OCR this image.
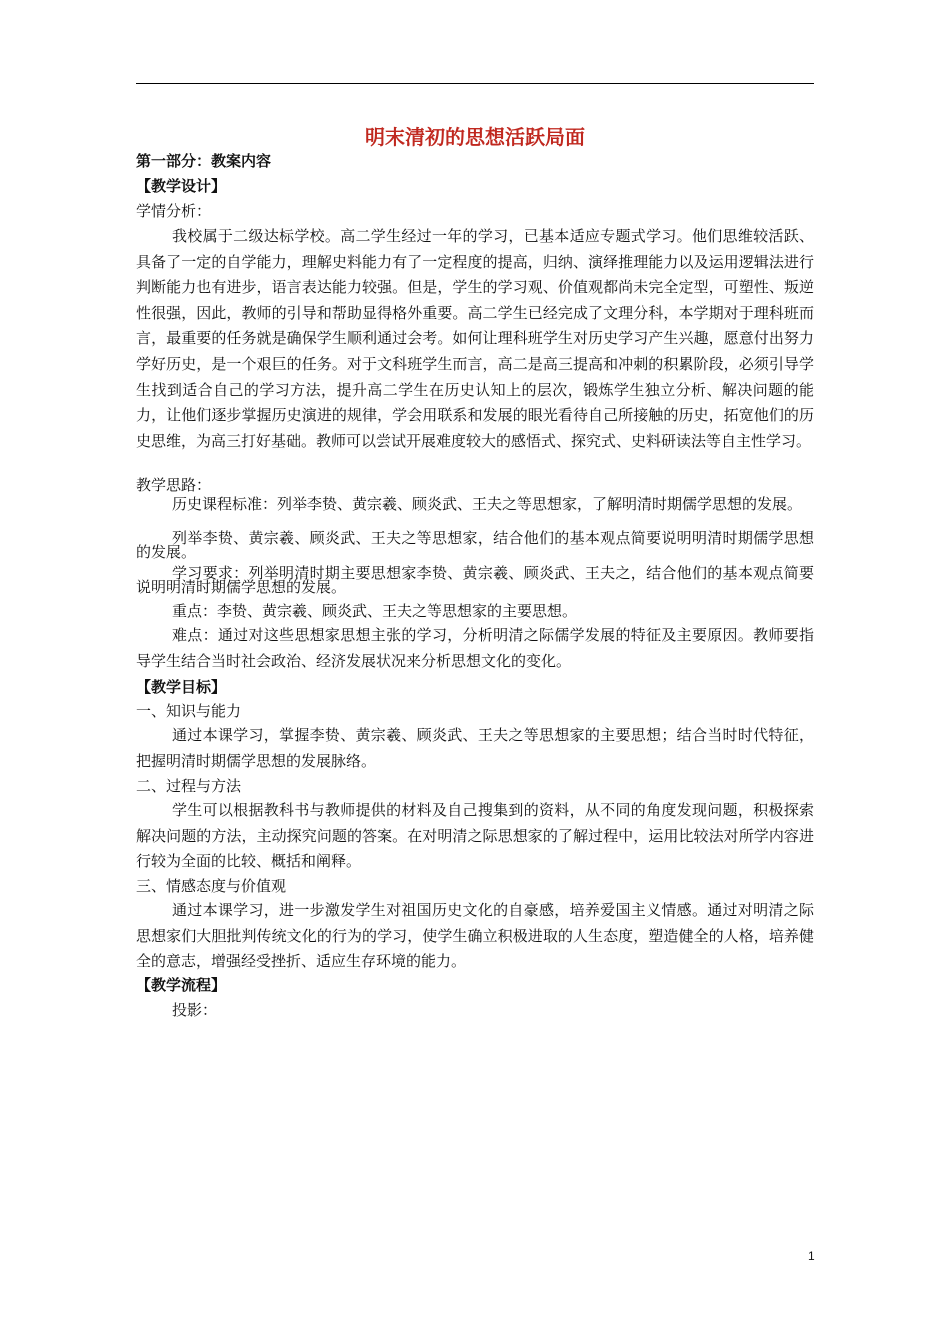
明末清初的思想活跃局面
第一部分：教案内容
【教学设计】
学情分析：
我校属于二级达标学校。高二学生经过一年的学习，已基本适应专题式学习。他们思维较活跃、具备了一定的自学能力，理解史料能力有了一定程度的提高，归纳、演绎推理能力以及运用逻辑法进行判断能力也有进步，语言表达能力较强。但是，学生的学习观、价值观都尚未完全定型，可塑性、叛逆性很强，因此，教师的引导和帮助显得格外重要。高二学生已经完成了文理分科，本学期对于理科班而言，最重要的任务就是确保学生顺利通过会考。如何让理科班学生对历史学习产生兴趣，愿意付出努力学好历史，是一个艰巨的任务。对于文科班学生而言，高二是高三提高和冲刺的积累阶段，必须引导学生找到适合自己的学习方法，提升高二学生在历史认知上的层次，锻炼学生独立分析、解决问题的能力，让他们逐步掌握历史演进的规律，学会用联系和发展的眼光看待自己所接触的历史，拓宽他们的历史思维，为高三打好基础。教师可以尝试开展难度较大的感悟式、探究式、史料研读法等自主性学习。
教学思路：
历史课程标准：列举李贽、黄宗羲、顾炎武、王夫之等思想家，了解明清时期儒学思想的发展。
列举李贽、黄宗羲、顾炎武、王夫之等思想家，结合他们的基本观点简要说明明清时期儒学思想的发展。
学习要求：列举明清时期主要思想家李贽、黄宗羲、顾炎武、王夫之，结合他们的基本观点简要说明明清时期儒学思想的发展。
重点：李贽、黄宗羲、顾炎武、王夫之等思想家的主要思想。
难点：通过对这些思想家思想主张的学习，分析明清之际儒学发展的特征及主要原因。教师要指导学生结合当时社会政治、经济发展状况来分析思想文化的变化。
【教学目标】
一、知识与能力
通过本课学习，掌握李贽、黄宗羲、顾炎武、王夫之等思想家的主要思想；结合当时时代特征，把握明清时期儒学思想的发展脉络。
二、过程与方法
学生可以根据教科书与教师提供的材料及自己搜集到的资料，从不同的角度发现问题，积极探索解决问题的方法，主动探究问题的答案。在对明清之际思想家的了解过程中，运用比较法对所学内容进行较为全面的比较、概括和阐释。
三、情感态度与价值观
通过本课学习，进一步激发学生对祖国历史文化的自豪感，培养爱国主义情感。通过对明清之际思想家们大胆批判传统文化的行为的学习，使学生确立积极进取的人生态度，塑造健全的人格，培养健全的意志，增强经受挫折、适应生存环境的能力。
【教学流程】
投影：
1
